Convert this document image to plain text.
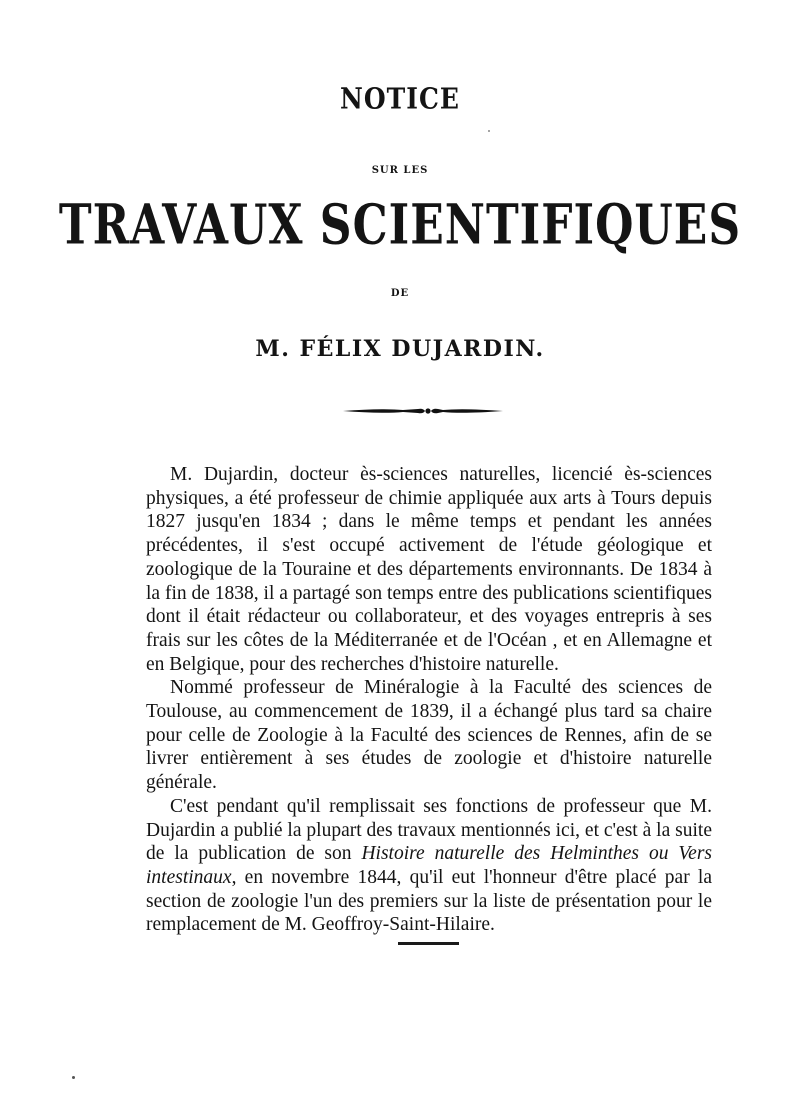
NOTICE
SUR LES
TRAVAUX SCIENTIFIQUES
DE
M. FÉLIX DUJARDIN.

M. Dujardin, docteur ès-sciences naturelles, licencié ès-sciences physiques, a été professeur de chimie appliquée aux arts à Tours depuis 1827 jusqu'en 1834 ; dans le même temps et pendant les années précédentes, il s'est occupé activement de l'étude géologique et zoologique de la Touraine et des départements environnants. De 1834 à la fin de 1838, il a partagé son temps entre des publications scientifiques dont il était rédacteur ou collaborateur, et des voyages entrepris à ses frais sur les côtes de la Méditerranée et de l'Océan , et en Allemagne et en Belgique, pour des recherches d'histoire naturelle.

Nommé professeur de Minéralogie à la Faculté des sciences de Toulouse, au commencement de 1839, il a échangé plus tard sa chaire pour celle de Zoologie à la Faculté des sciences de Rennes, afin de se livrer entièrement à ses études de zoologie et d'histoire naturelle générale.

C'est pendant qu'il remplissait ses fonctions de professeur que M. Dujardin a publié la plupart des travaux mentionnés ici, et c'est à la suite de la publication de son Histoire naturelle des Helminthes ou Vers intestinaux, en novembre 1844, qu'il eut l'honneur d'être placé par la section de zoologie l'un des premiers sur la liste de présentation pour le remplacement de M. Geoffroy-Saint-Hilaire.
